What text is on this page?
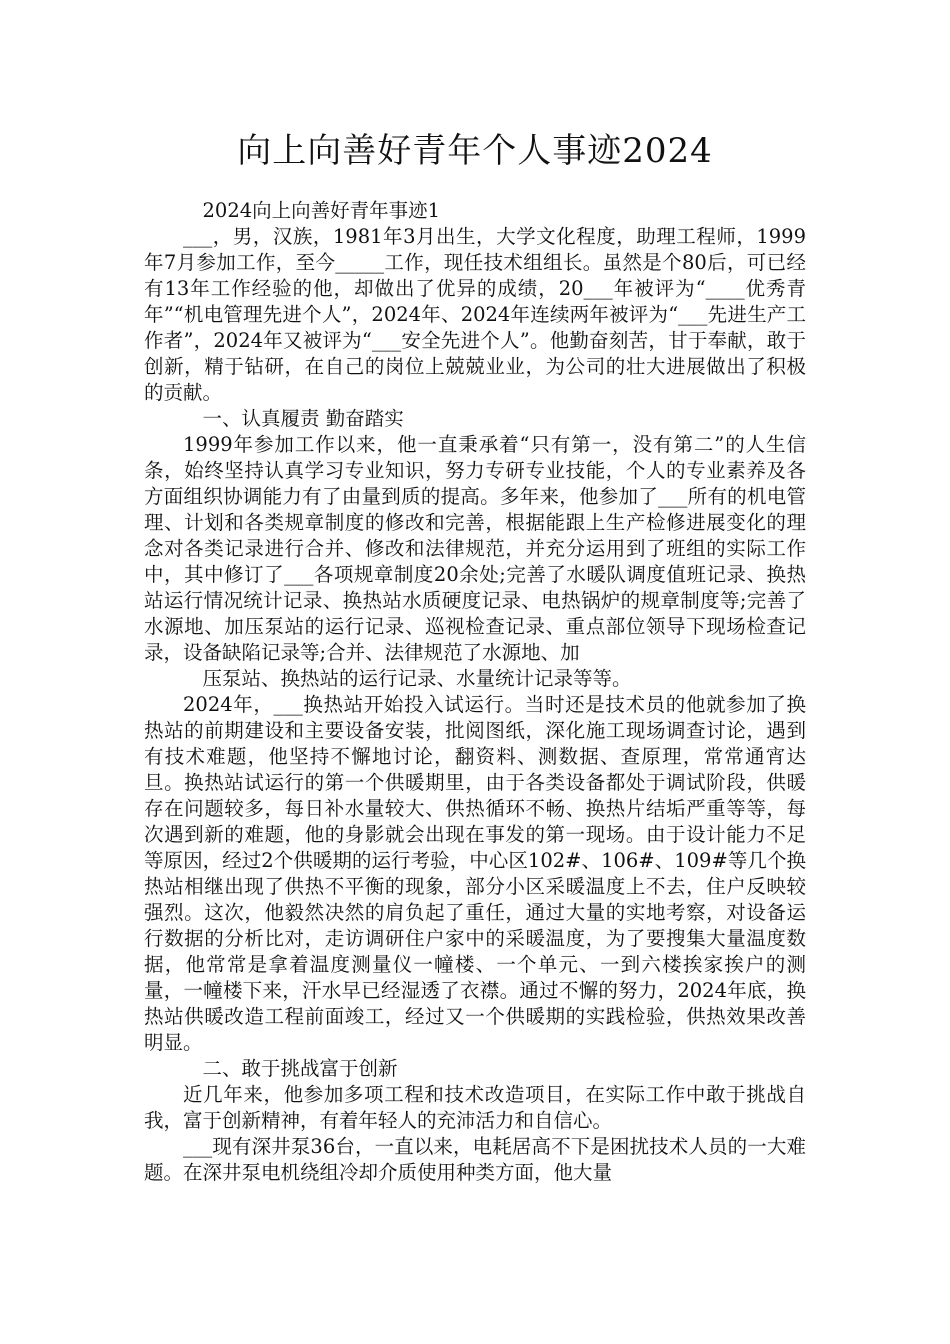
向上向善好青年个人事迹2024

2024向上向善好青年事迹1

___，男，汉族，1981年3月出生，大学文化程度，助理工程师，1999年7月参加工作，至今_____工作，现任技术组组长。虽然是个80后，可已经有13年工作经验的他，却做出了优异的成绩，20___年被评为“____优秀青年”“机电管理先进个人”，2024年、2024年连续两年被评为“___先进生产工作者”，2024年又被评为“___安全先进个人”。他勤奋刻苦，甘于奉献，敢于创新，精于钻研，在自己的岗位上兢兢业业，为公司的壮大进展做出了积极的贡献。

一、认真履责 勤奋踏实

1999年参加工作以来，他一直秉承着“只有第一，没有第二”的人生信条，始终坚持认真学习专业知识，努力专研专业技能，个人的专业素养及各方面组织协调能力有了由量到质的提高。多年来，他参加了___所有的机电管理、计划和各类规章制度的修改和完善，根据能跟上生产检修进展变化的理念对各类记录进行合并、修改和法律规范，并充分运用到了班组的实际工作中，其中修订了___各项规章制度20余处;完善了水暖队调度值班记录、换热站运行情况统计记录、换热站水质硬度记录、电热锅炉的规章制度等;完善了水源地、加压泵站的运行记录、巡视检查记录、重点部位领导下现场检查记录，设备缺陷记录等;合并、法律规范了水源地、加

压泵站、换热站的运行记录、水量统计记录等等。

2024年，___换热站开始投入试运行。当时还是技术员的他就参加了换热站的前期建设和主要设备安装，批阅图纸，深化施工现场调查讨论，遇到有技术难题，他坚持不懈地讨论，翻资料、测数据、查原理，常常通宵达旦。换热站试运行的第一个供暖期里，由于各类设备都处于调试阶段，供暖存在问题较多，每日补水量较大、供热循环不畅、换热片结垢严重等等，每次遇到新的难题，他的身影就会出现在事发的第一现场。由于设计能力不足等原因，经过2个供暖期的运行考验，中心区102#、106#、109#等几个换热站相继出现了供热不平衡的现象，部分小区采暖温度上不去，住户反映较强烈。这次，他毅然决然的肩负起了重任，通过大量的实地考察，对设备运行数据的分析比对，走访调研住户家中的采暖温度，为了要搜集大量温度数据，他常常是拿着温度测量仪一幢楼、一个单元、一到六楼挨家挨户的测量，一幢楼下来，汗水早已经湿透了衣襟。通过不懈的努力，2024年底，换热站供暖改造工程前面竣工，经过又一个供暖期的实践检验，供热效果改善明显。

二、敢于挑战富于创新

近几年来，他参加多项工程和技术改造项目，在实际工作中敢于挑战自我，富于创新精神，有着年轻人的充沛活力和自信心。

___现有深井泵36台，一直以来，电耗居高不下是困扰技术人员的一大难题。在深井泵电机绕组冷却介质使用种类方面，他大量
